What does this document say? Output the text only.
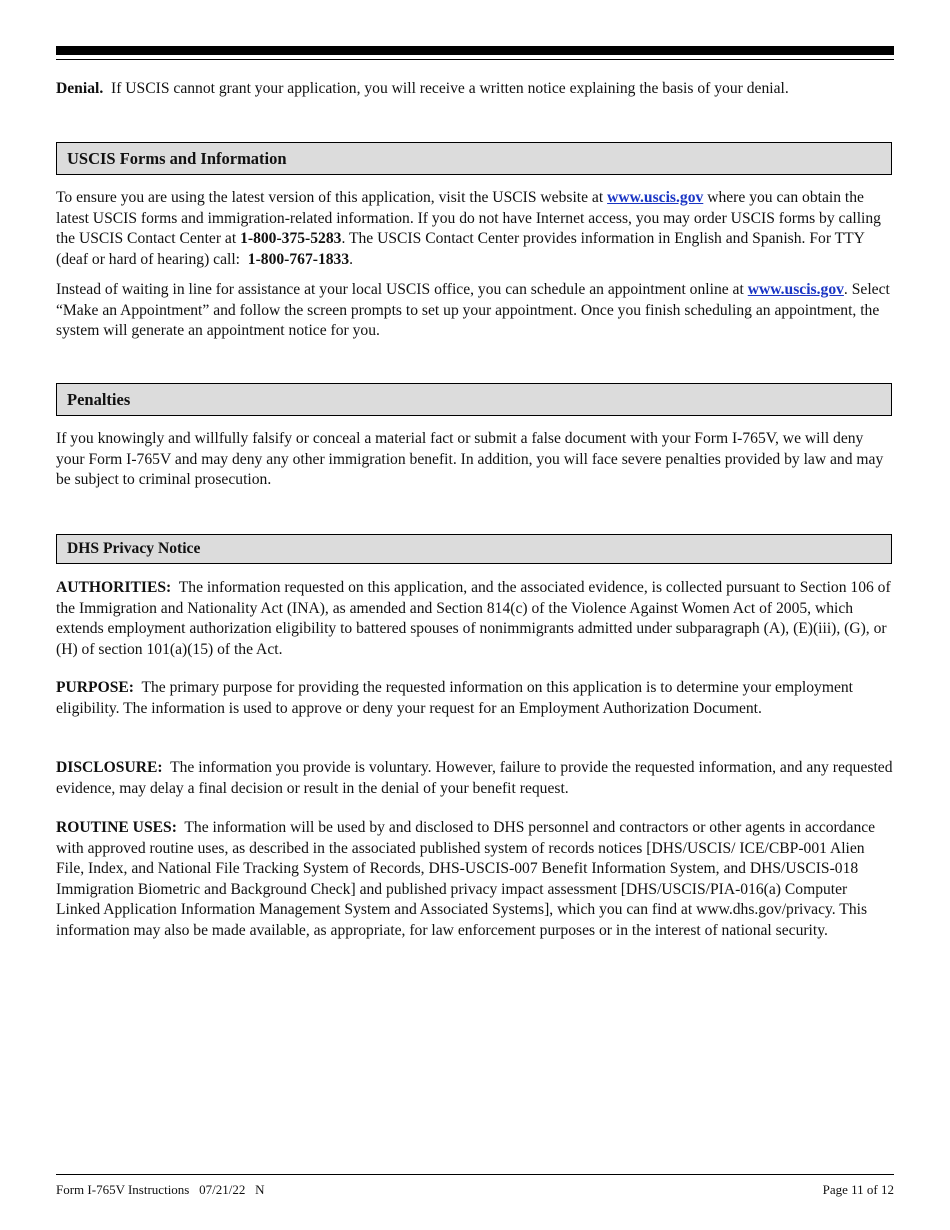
Denial. If USCIS cannot grant your application, you will receive a written notice explaining the basis of your denial.

USCIS Forms and Information

To ensure you are using the latest version of this application, visit the USCIS website at www.uscis.gov where you can obtain the latest USCIS forms and immigration-related information. If you do not have Internet access, you may order USCIS forms by calling the USCIS Contact Center at 1-800-375-5283. The USCIS Contact Center provides information in English and Spanish. For TTY (deaf or hard of hearing) call: 1-800-767-1833.

Instead of waiting in line for assistance at your local USCIS office, you can schedule an appointment online at www.uscis.gov. Select “Make an Appointment” and follow the screen prompts to set up your appointment. Once you finish scheduling an appointment, the system will generate an appointment notice for you.

Penalties

If you knowingly and willfully falsify or conceal a material fact or submit a false document with your Form I-765V, we will deny your Form I-765V and may deny any other immigration benefit. In addition, you will face severe penalties provided by law and may be subject to criminal prosecution.

DHS Privacy Notice

AUTHORITIES: The information requested on this application, and the associated evidence, is collected pursuant to Section 106 of the Immigration and Nationality Act (INA), as amended and Section 814(c) of the Violence Against Women Act of 2005, which extends employment authorization eligibility to battered spouses of nonimmigrants admitted under subparagraph (A), (E)(iii), (G), or (H) of section 101(a)(15) of the Act.

PURPOSE: The primary purpose for providing the requested information on this application is to determine your employment eligibility. The information is used to approve or deny your request for an Employment Authorization Document.

DISCLOSURE: The information you provide is voluntary. However, failure to provide the requested information, and any requested evidence, may delay a final decision or result in the denial of your benefit request.

ROUTINE USES: The information will be used by and disclosed to DHS personnel and contractors or other agents in accordance with approved routine uses, as described in the associated published system of records notices [DHS/USCIS/ ICE/CBP-001 Alien File, Index, and National File Tracking System of Records, DHS-USCIS-007 Benefit Information System, and DHS/USCIS-018 Immigration Biometric and Background Check] and published privacy impact assessment [DHS/USCIS/PIA-016(a) Computer Linked Application Information Management System and Associated Systems], which you can find at www.dhs.gov/privacy. This information may also be made available, as appropriate, for law enforcement purposes or in the interest of national security.

Form I-765V Instructions   07/21/22   N	Page 11 of 12
